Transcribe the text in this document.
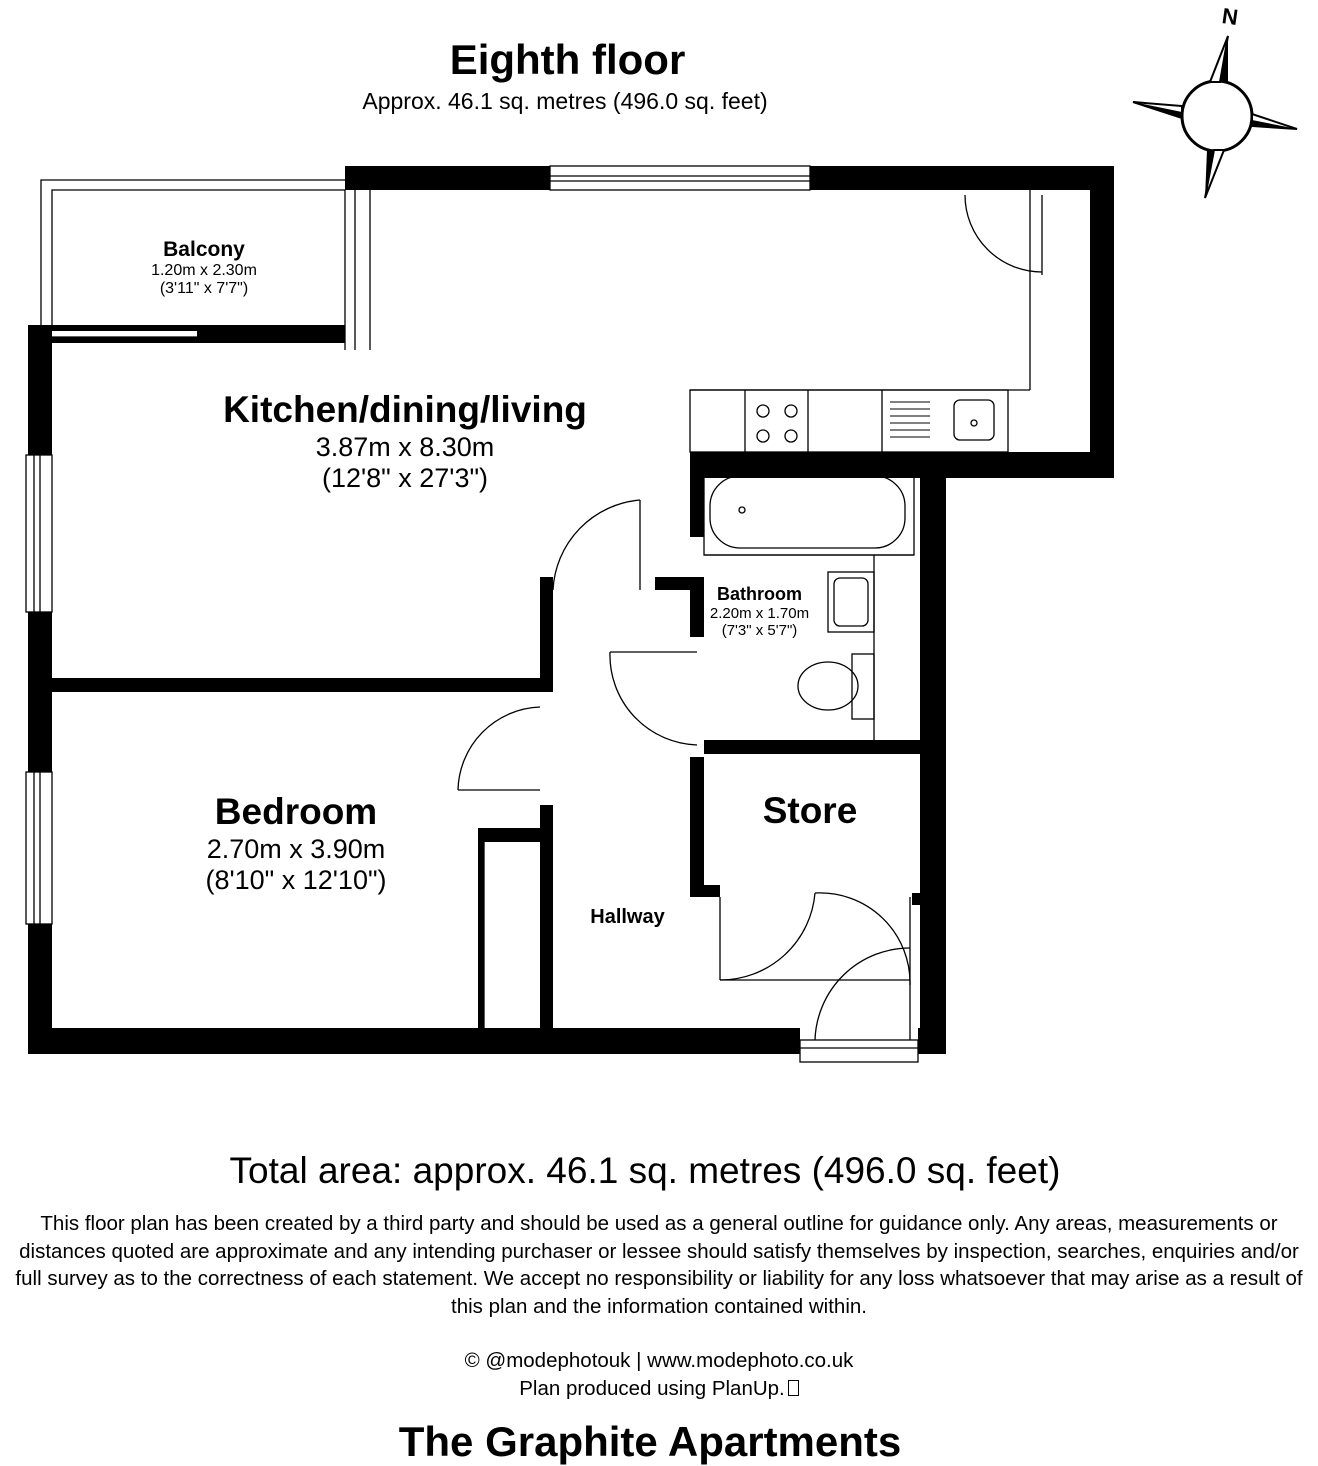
N
Eighth floor
Approx. 46.1 sq. metres (496.0 sq. feet)
Balcony
1.20m x 2.30m
(3'11" x 7'7")
Kitchen/dining/living
3.87m x 8.30m
(12'8" x 27'3")
Bathroom
2.20m x 1.70m
(7'3" x 5'7")
Bedroom
2.70m x 3.90m
(8'10" x 12'10")
Store
Hallway
Total area: approx. 46.1 sq. metres (496.0 sq. feet)
This floor plan has been created by a third party and should be used as a general outline for guidance only. Any areas, measurements or distances quoted are approximate and any intending purchaser or lessee should satisfy themselves by inspection, searches, enquiries and/or full survey as to the correctness of each statement. We accept no responsibility or liability for any loss whatsoever that may arise as a result of this plan and the information contained within.
© @modephotouk | www.modephoto.co.uk
Plan produced using PlanUp.
The Graphite Apartments
